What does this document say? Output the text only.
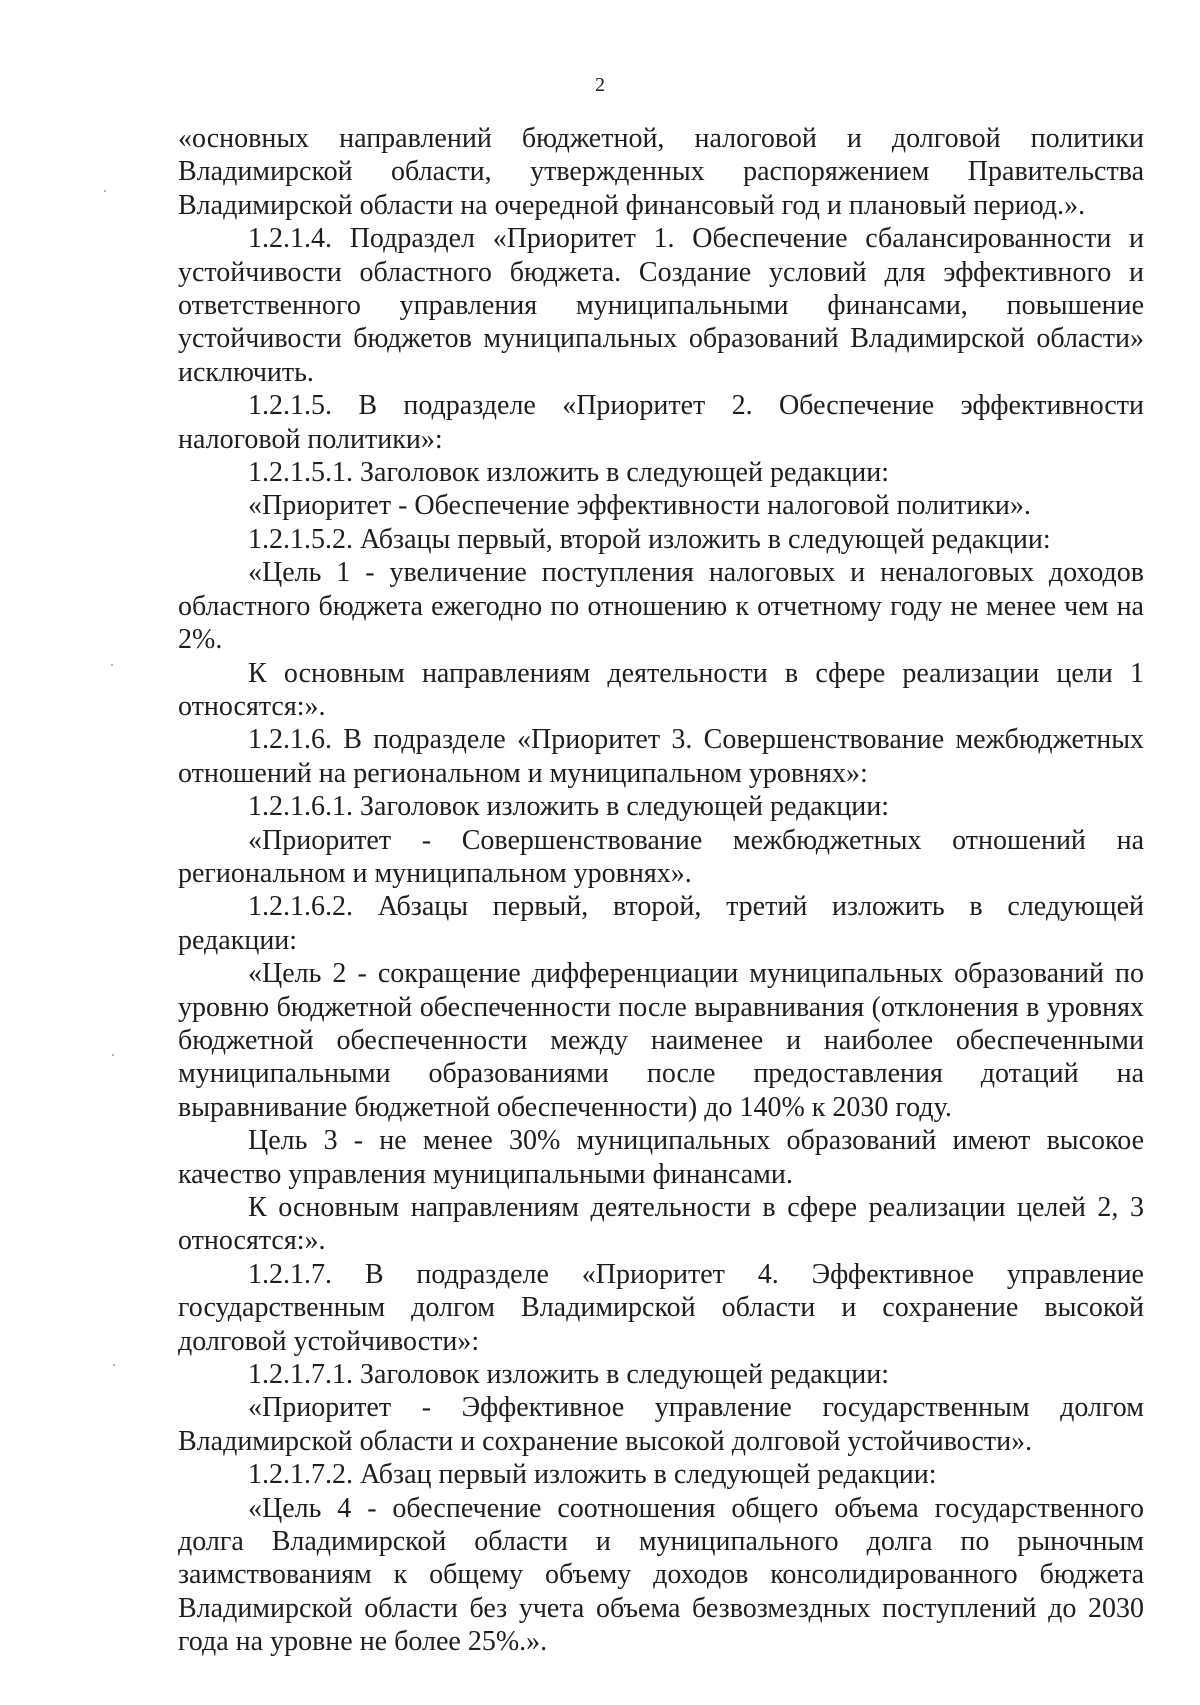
2

«основных направлений бюджетной, налоговой и долговой политики Владимирской области, утвержденных распоряжением Правительства Владимирской области на очередной финансовый год и плановый период.».

1.2.1.4. Подраздел «Приоритет 1. Обеспечение сбалансированности и устойчивости областного бюджета. Создание условий для эффективного и ответственного управления муниципальными финансами, повышение устойчивости бюджетов муниципальных образований Владимирской области» исключить.

1.2.1.5. В подразделе «Приоритет 2. Обеспечение эффективности налоговой политики»:

1.2.1.5.1. Заголовок изложить в следующей редакции:

«Приоритет - Обеспечение эффективности налоговой политики».

1.2.1.5.2. Абзацы первый, второй изложить в следующей редакции:

«Цель 1 - увеличение поступления налоговых и неналоговых доходов областного бюджета ежегодно по отношению к отчетному году не менее чем на 2%.

К основным направлениям деятельности в сфере реализации цели 1 относятся:».

1.2.1.6. В подразделе «Приоритет 3. Совершенствование межбюджетных отношений на региональном и муниципальном уровнях»:

1.2.1.6.1. Заголовок изложить в следующей редакции:

«Приоритет - Совершенствование межбюджетных отношений на региональном и муниципальном уровнях».

1.2.1.6.2. Абзацы первый, второй, третий изложить в следующей редакции:

«Цель 2 - сокращение дифференциации муниципальных образований по уровню бюджетной обеспеченности после выравнивания (отклонения в уровнях бюджетной обеспеченности между наименее и наиболее обеспеченными муниципальными образованиями после предоставления дотаций на выравнивание бюджетной обеспеченности) до 140% к 2030 году.

Цель 3 - не менее 30% муниципальных образований имеют высокое качество управления муниципальными финансами.

К основным направлениям деятельности в сфере реализации целей 2, 3 относятся:».

1.2.1.7. В подразделе «Приоритет 4. Эффективное управление государственным долгом Владимирской области и сохранение высокой долговой устойчивости»:

1.2.1.7.1. Заголовок изложить в следующей редакции:

«Приоритет - Эффективное управление государственным долгом Владимирской области и сохранение высокой долговой устойчивости».

1.2.1.7.2. Абзац первый изложить в следующей редакции:

«Цель 4 - обеспечение соотношения общего объема государственного долга Владимирской области и муниципального долга по рыночным заимствованиям к общему объему доходов консолидированного бюджета Владимирской области без учета объема безвозмездных поступлений до 2030 года на уровне не более 25%.».
